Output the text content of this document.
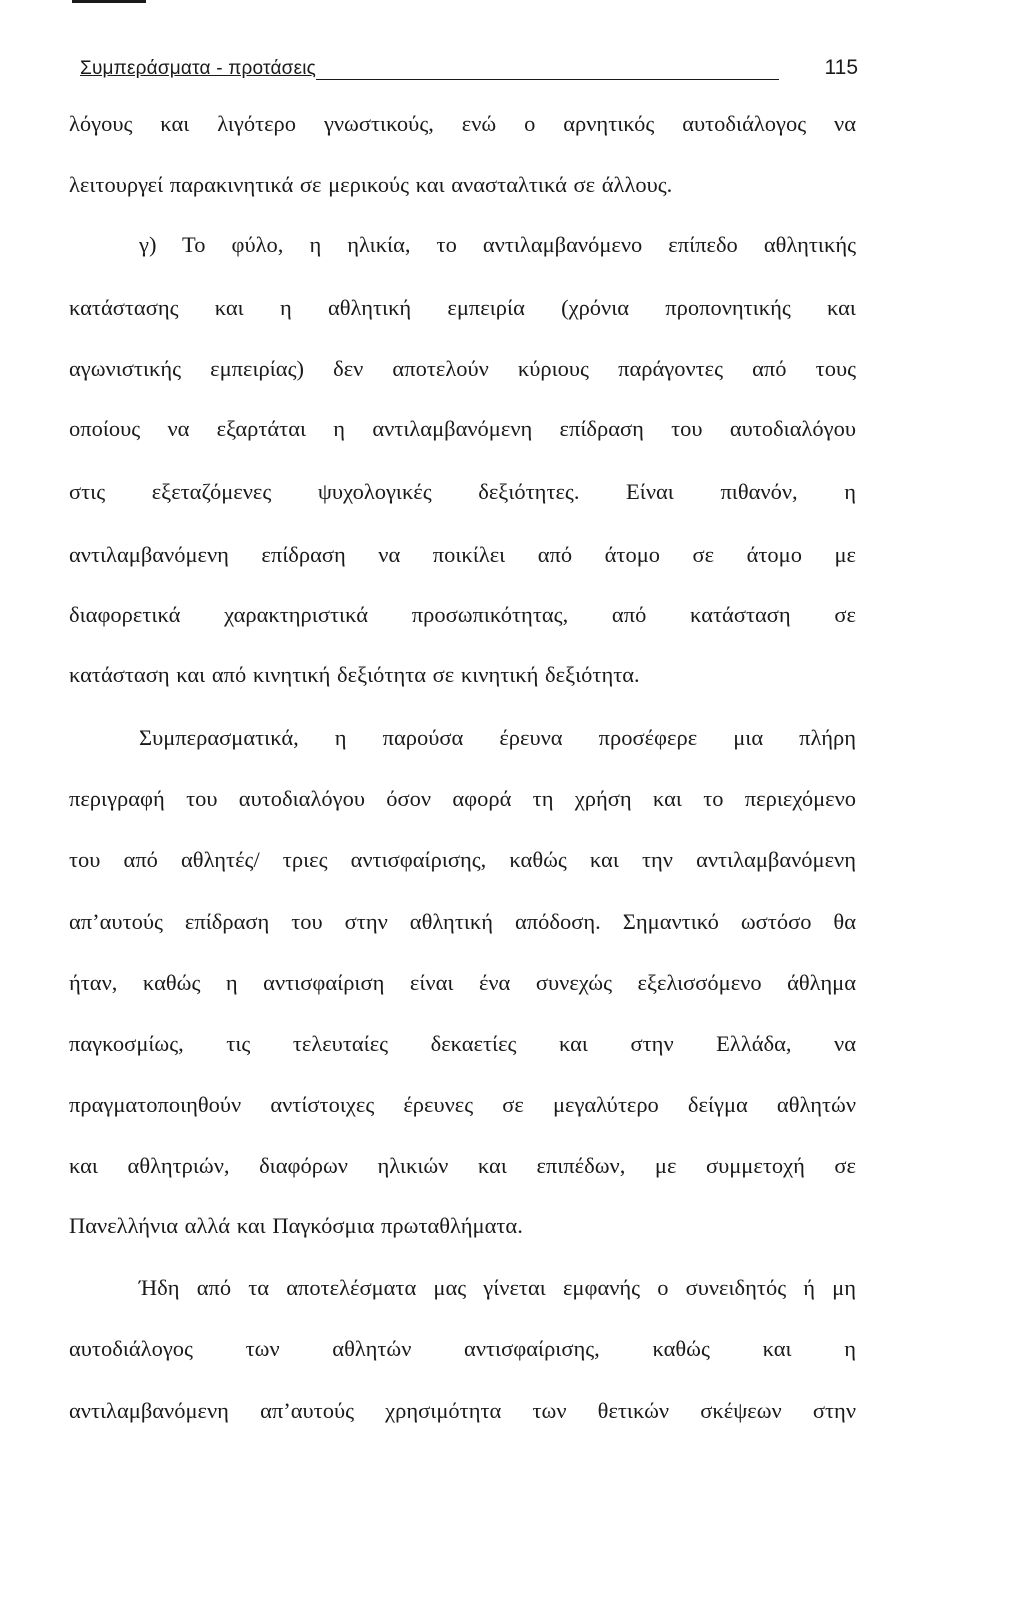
Συμπεράσματα - προτάσεις	115
λόγους και λιγότερο γνωστικούς, ενώ ο αρνητικός αυτοδιάλογος να
λειτουργεί παρακινητικά σε μερικούς και ανασταλτικά σε άλλους.
γ) Το φύλο, η ηλικία, το αντιλαμβανόμενο επίπεδο αθλητικής
κατάστασης και η αθλητική εμπειρία (χρόνια προπονητικής και
αγωνιστικής εμπειρίας) δεν αποτελούν κύριους παράγοντες από τους
οποίους να εξαρτάται η αντιλαμβανόμενη επίδραση του αυτοδιαλόγου
στις εξεταζόμενες ψυχολογικές δεξιότητες. Είναι πιθανόν, η
αντιλαμβανόμενη επίδραση να ποικίλει από άτομο σε άτομο με
διαφορετικά χαρακτηριστικά προσωπικότητας, από κατάσταση σε
κατάσταση και από κινητική δεξιότητα σε κινητική δεξιότητα.
Συμπερασματικά, η παρούσα έρευνα προσέφερε μια πλήρη
περιγραφή του αυτοδιαλόγου όσον αφορά τη χρήση και το περιεχόμενο
του από αθλητές/ τριες αντισφαίρισης, καθώς και την αντιλαμβανόμενη
απ’αυτούς επίδραση του στην αθλητική απόδοση. Σημαντικό ωστόσο θα
ήταν, καθώς η αντισφαίριση είναι ένα συνεχώς εξελισσόμενο άθλημα
παγκοσμίως, τις τελευταίες δεκαετίες και στην Ελλάδα, να
πραγματοποιηθούν αντίστοιχες έρευνες σε μεγαλύτερο δείγμα αθλητών
και αθλητριών, διαφόρων ηλικιών και επιπέδων, με συμμετοχή σε
Πανελλήνια αλλά και Παγκόσμια πρωταθλήματα.
Ήδη από τα αποτελέσματα μας γίνεται εμφανής ο συνειδητός ή μη
αυτοδιάλογος των αθλητών αντισφαίρισης, καθώς και η
αντιλαμβανόμενη απ’αυτούς χρησιμότητα των θετικών σκέψεων στην
